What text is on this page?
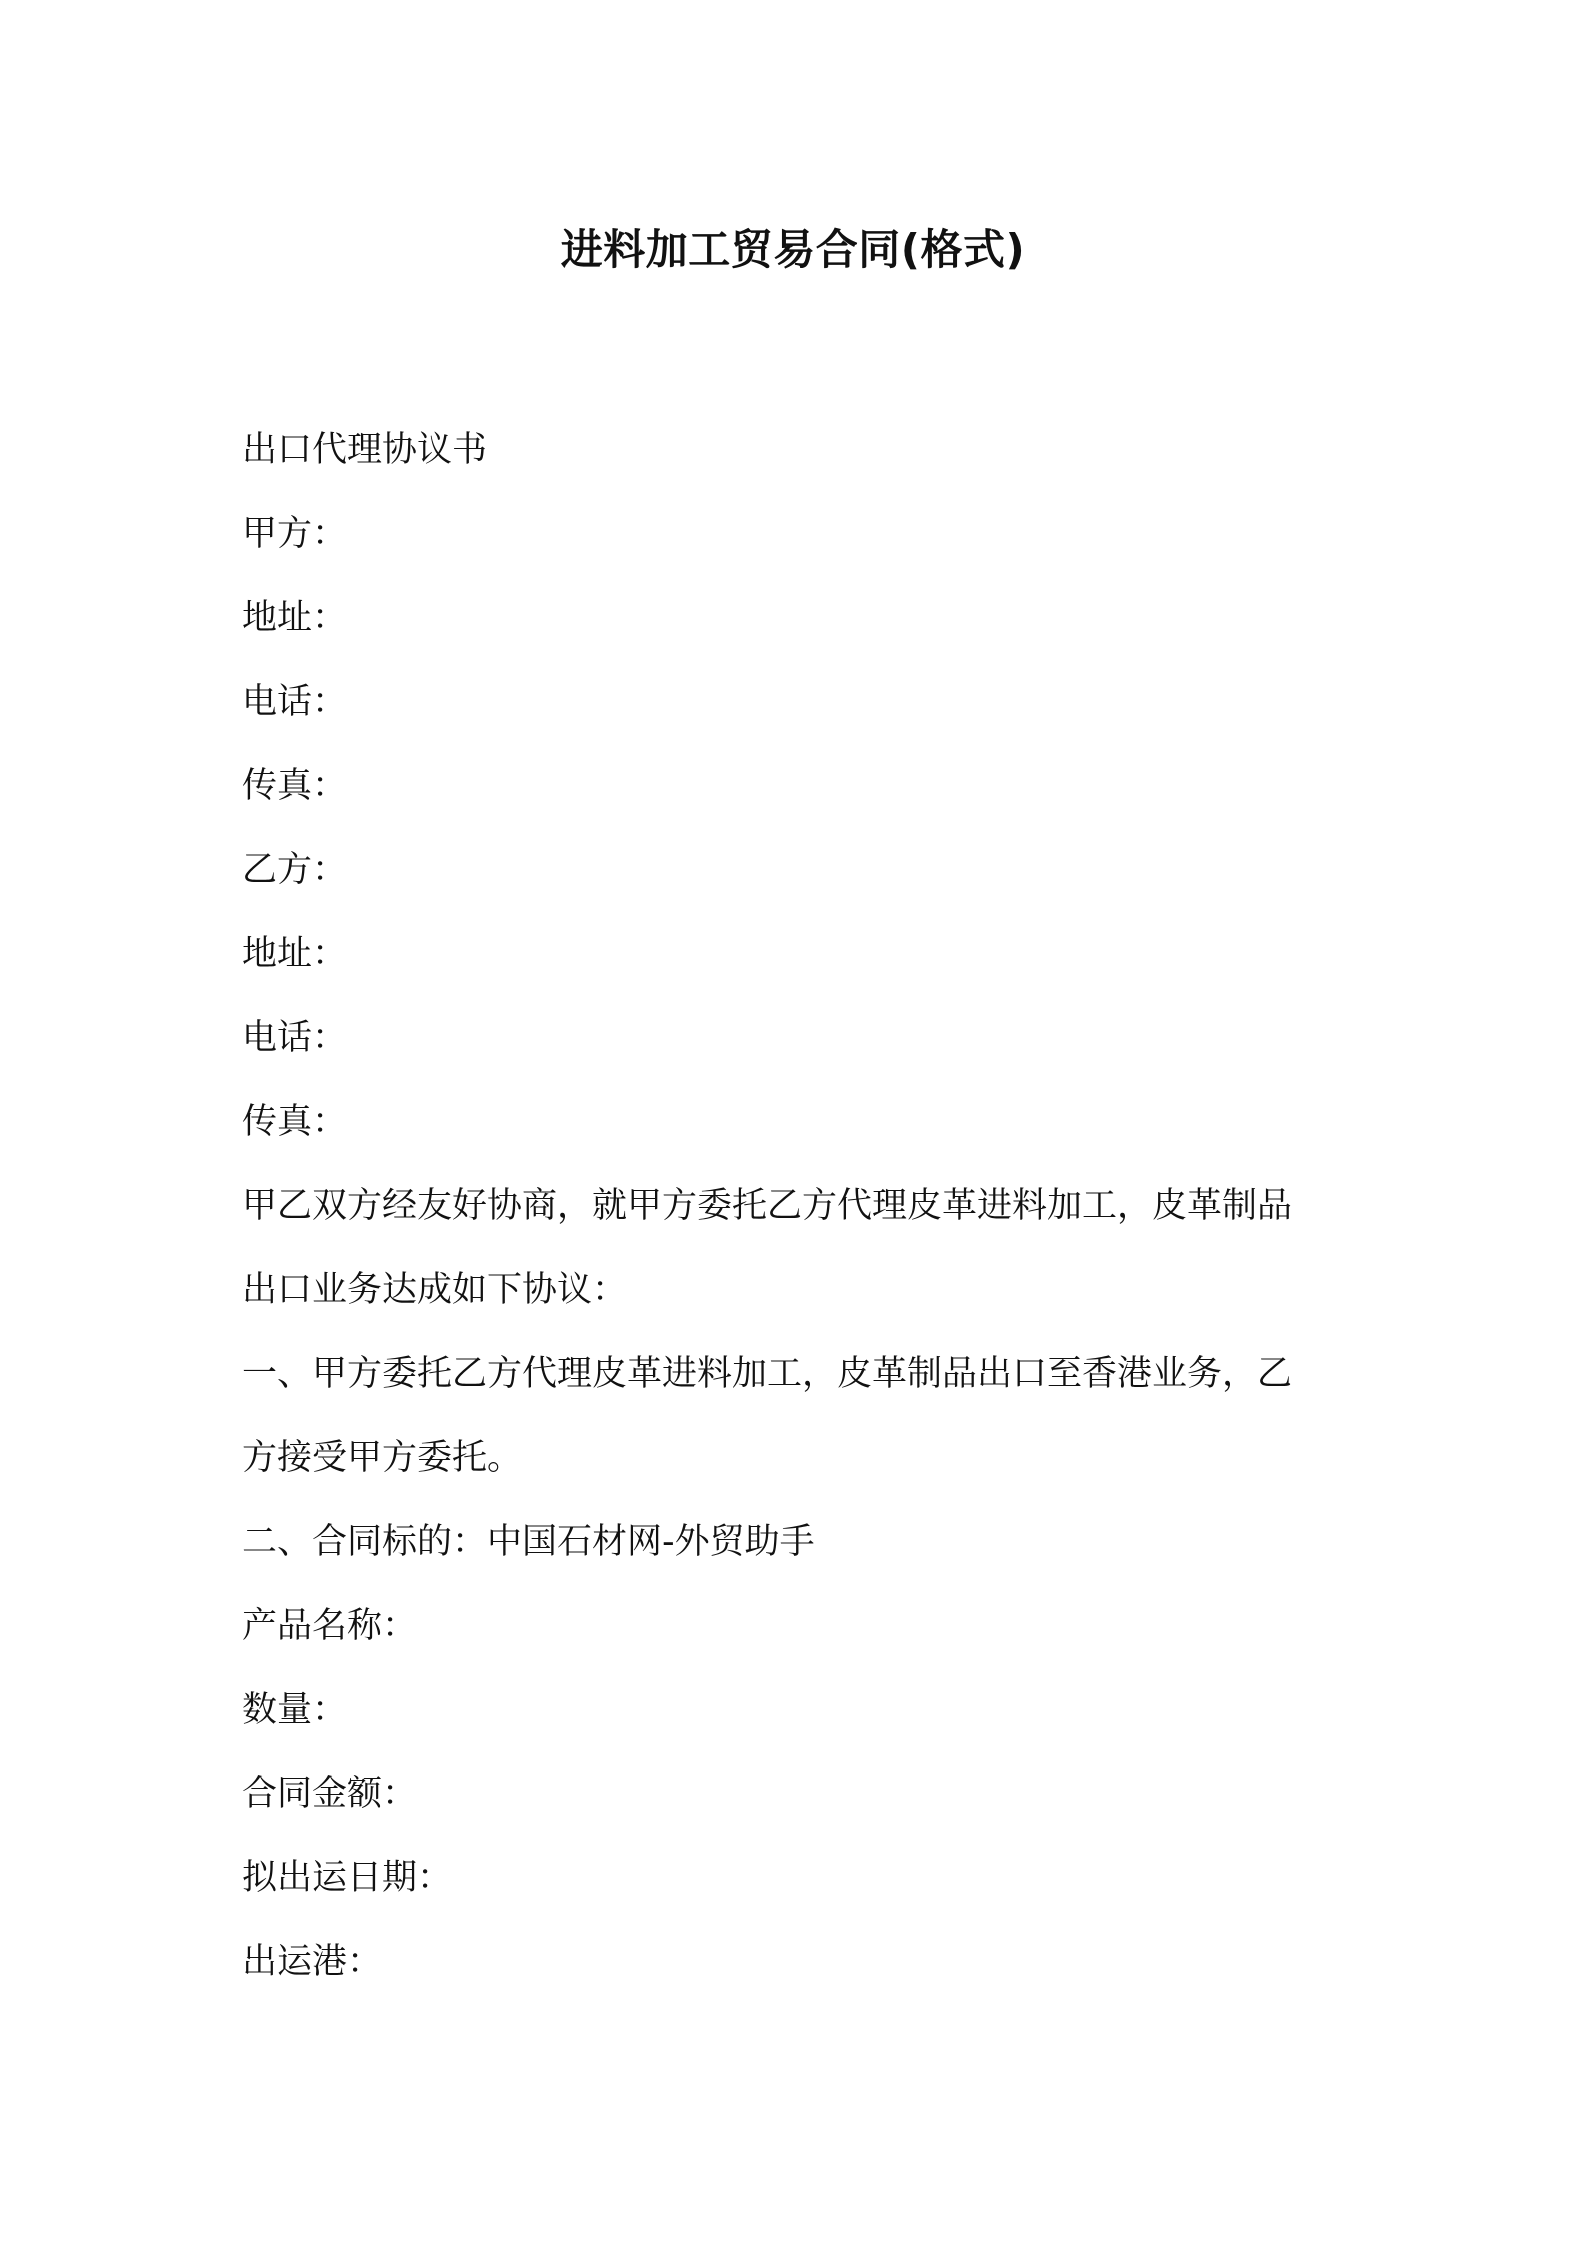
进料加工贸易合同(格式)
出口代理协议书
甲方：
地址：
电话：
传真：
乙方：
地址：
电话：
传真：
甲乙双方经友好协商，就甲方委托乙方代理皮革进料加工，皮革制品
出口业务达成如下协议：
一、甲方委托乙方代理皮革进料加工，皮革制品出口至香港业务，乙
方接受甲方委托。
二、合同标的：中国石材网-外贸助手
产品名称：
数量：
合同金额：
拟出运日期：
出运港：
